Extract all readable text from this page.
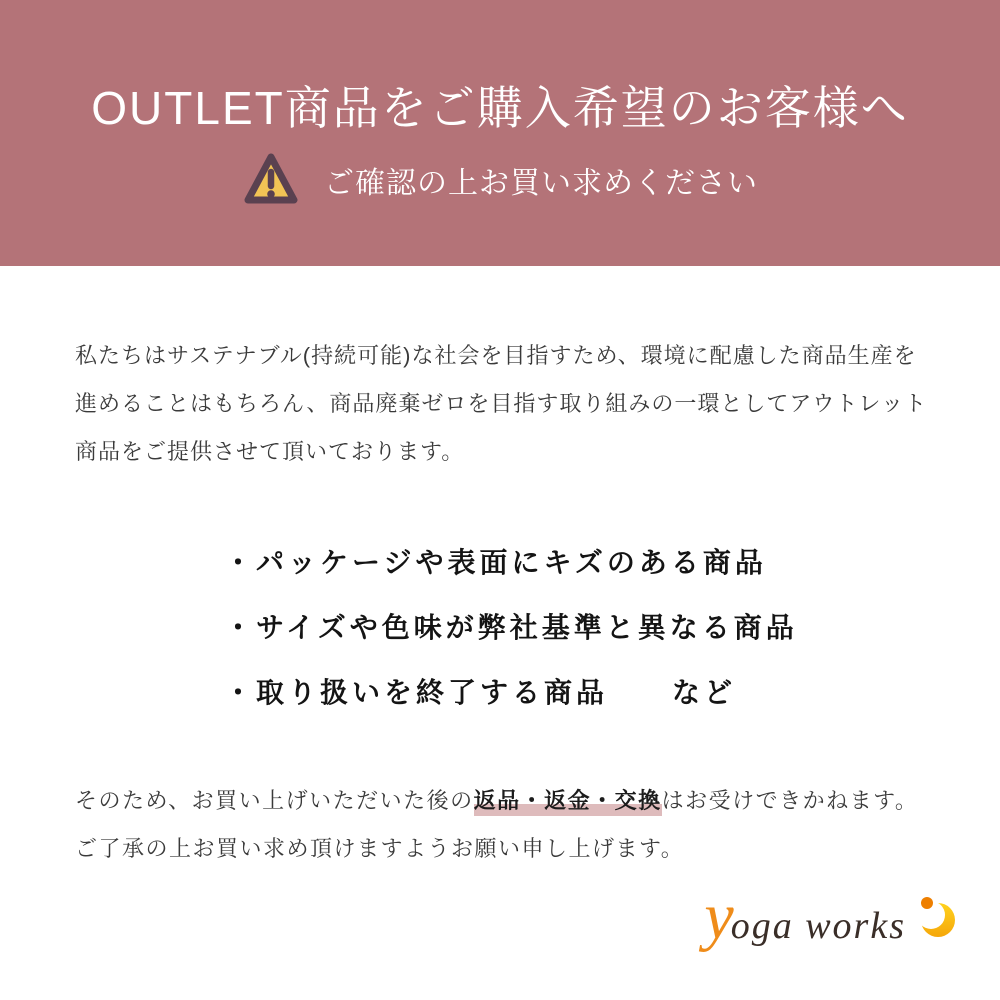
OUTLET商品をご購入希望のお客様へ
ご確認の上お買い求めください
私たちはサステナブル(持続可能)な社会を目指すため、環境に配慮した商品生産を
進めることはもちろん、商品廃棄ゼロを目指す取り組みの一環としてアウトレット
商品をご提供させて頂いております。
・パッケージや表面にキズのある商品
・サイズや色味が弊社基準と異なる商品
・取り扱いを終了する商品　　など
そのため、お買い上げいただいた後の返品・返金・交換はお受けできかねます。
ご了承の上お買い求め頂けますようお願い申し上げます。
y
oga works
